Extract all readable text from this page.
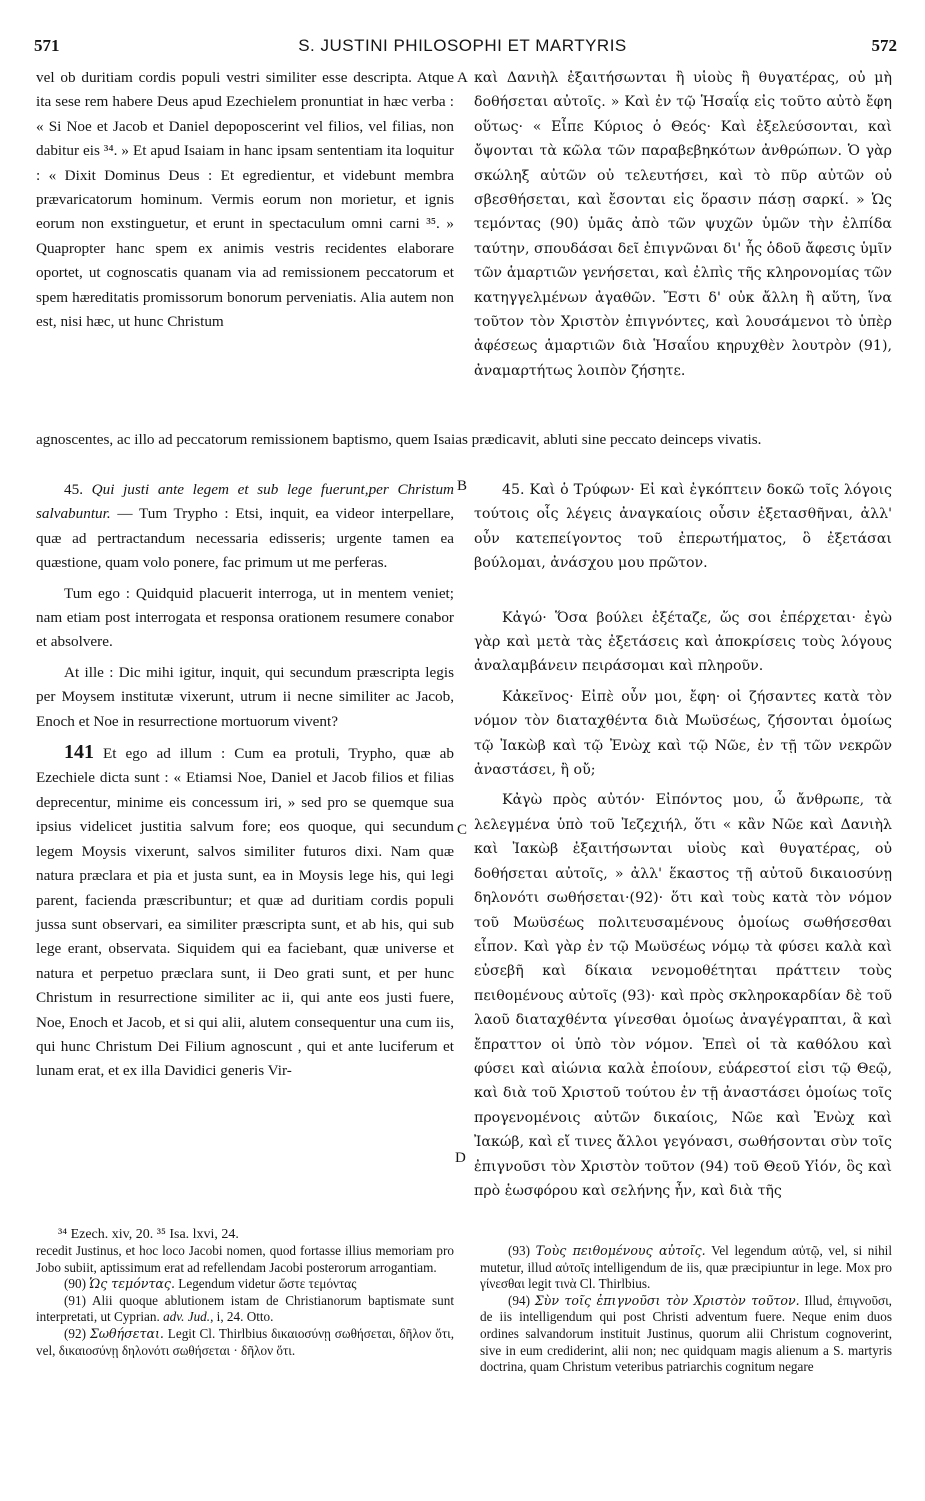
571	S. JUSTINI PHILOSOPHI ET MARTYRIS	572

vel ob duritiam cordis populi vestri similiter esse descripta. Atque ita sese rem habere Deus apud Ezechielem pronuntiat in hæc verba : « Si Noe et Jacob et Daniel depoposcerint vel filios, vel filias, non dabitur eis ³⁴. » Et apud Isaiam in hanc ipsam sententiam ita loquitur : « Dixit Dominus Deus : Et egredientur, et videbunt membra prævaricatorum hominum. Vermis eorum non morietur, et ignis eorum non exstinguetur, et erunt in spectaculum omni carni ³⁵. » Quapropter hanc spem ex animis vestris recidentes elaborare oportet, ut cognoscatis quanam via ad remissionem peccatorum et spem hæreditatis promissorum bonorum perveniatis. Alia autem non est, nisi hæc, ut hunc Christum

καὶ Δανιὴλ ἐξαιτήσωνται ἢ υἱοὺς ἢ θυγατέρας, οὐ μὴ δοθήσεται αὐτοῖς. » Καὶ ἐν τῷ Ἡσαΐᾳ εἰς τοῦτο αὐτὸ ἔφη οὕτως· « Εἶπε Κύριος ὁ Θεός· Καὶ ἐξελεύσονται, καὶ ὄψονται τὰ κῶλα τῶν παραβεβηκότων ἀνθρώπων. Ὁ γὰρ σκώληξ αὐτῶν οὐ τελευτήσει, καὶ τὸ πῦρ αὐτῶν οὐ σβεσθήσεται, καὶ ἔσονται εἰς ὅρασιν πάσῃ σαρκί. » Ὡς τεμόντας (90) ὑμᾶς ἀπὸ τῶν ψυχῶν ὑμῶν τὴν ἐλπίδα ταύτην, σπουδάσαι δεῖ ἐπιγνῶναι δι' ἧς ὁδοῦ ἄφεσις ὑμῖν τῶν ἁμαρτιῶν γενήσεται, καὶ ἐλπὶς τῆς κληρονομίας τῶν κατηγγελμένων ἀγαθῶν. Ἔστι δ' οὐκ ἄλλη ἢ αὕτη, ἵνα τοῦτον τὸν Χριστὸν ἐπιγνόντες, καὶ λουσάμενοι τὸ ὑπὲρ ἀφέσεως ἁμαρτιῶν διὰ Ἡσαΐου κηρυχθὲν λουτρὸν (91), ἀναμαρτήτως λοιπὸν ζήσητε.

agnoscentes, ac illo ad peccatorum remissionem baptismo, quem Isaias prædicavit, abluti sine peccato deinceps vivatis.

A
B
C
D

45. Qui justi ante legem et sub lege fuerunt,per Christum salvabuntur. — Tum Trypho : Etsi, inquit, ea videor interpellare, quæ ad pertractandum necessaria edisseris; urgente tamen ea quæstione, quam volo ponere, fac primum ut me perferas.

Tum ego : Quidquid placuerit interroga, ut in mentem veniet; nam etiam post interrogata et responsa orationem resumere conabor et absolvere.

At ille : Dic mihi igitur, inquit, qui secundum præscripta legis per Moysem institutæ vixerunt, utrum ii necne similiter ac Jacob, Enoch et Noe in resurrectione mortuorum vivent?

141 Et ego ad illum : Cum ea protuli, Trypho, quæ ab Ezechiele dicta sunt : « Etiamsi Noe, Daniel et Jacob filios et filias deprecentur, minime eis concessum iri, » sed pro se quemque sua ipsius videlicet justitia salvum fore; eos quoque, qui secundum legem Moysis vixerunt, salvos similiter futuros dixi. Nam quæ natura præclara et pia et justa sunt, ea in Moysis lege his, qui legi parent, facienda præscribuntur; et quæ ad duritiam cordis populi jussa sunt observari, ea similiter præscripta sunt, et ab his, qui sub lege erant, observata. Siquidem qui ea faciebant, quæ universe et natura et perpetuo præclara sunt, ii Deo grati sunt, et per hunc Christum in resurrectione similiter ac ii, qui ante eos justi fuere, Noe, Enoch et Jacob, et si qui alii, alutem consequentur una cum iis, qui hunc Christum Dei Filium agnoscunt , qui et ante luciferum et lunam erat, et ex illa Davidici generis Vir-

45. Καὶ ὁ Τρύφων· Εἰ καὶ ἐγκόπτειν δοκῶ τοῖς λόγοις τούτοις οἷς λέγεις ἀναγκαίοις οὖσιν ἐξετασθῆναι, ἀλλ' οὖν κατεπείγοντος τοῦ ἐπερωτήματος, ὃ ἐξετάσαι βούλομαι, ἀνάσχου μου πρῶτον.

Κἀγώ· Ὅσα βούλει ἐξέταζε, ὥς σοι ἐπέρχεται· ἐγὼ γὰρ καὶ μετὰ τὰς ἐξετάσεις καὶ ἀποκρίσεις τοὺς λόγους ἀναλαμβάνειν πειράσομαι καὶ πληροῦν.

Κἀκεῖνος· Εἰπὲ οὖν μοι, ἔφη· οἱ ζήσαντες κατὰ τὸν νόμον τὸν διαταχθέντα διὰ Μωϋσέως, ζήσονται ὁμοίως τῷ Ἰακὼβ καὶ τῷ Ἐνὼχ καὶ τῷ Νῶε, ἐν τῇ τῶν νεκρῶν ἀναστάσει, ἢ οὔ;

Κἀγὼ πρὸς αὐτόν· Εἰπόντος μου, ὦ ἄνθρωπε, τὰ λελεγμένα ὑπὸ τοῦ Ἰεζεχιήλ, ὅτι « κἂν Νῶε καὶ Δανιὴλ καὶ Ἰακὼβ ἐξαιτήσωνται υἱοὺς καὶ θυγατέρας, οὐ δοθήσεται αὐτοῖς, » ἀλλ' ἕκαστος τῇ αὐτοῦ δικαιοσύνῃ δηλονότι σωθήσεται·(92)· ὅτι καὶ τοὺς κατὰ τὸν νόμον τοῦ Μωϋσέως πολιτευσαμένους ὁμοίως σωθήσεσθαι εἶπον. Καὶ γὰρ ἐν τῷ Μωϋσέως νόμῳ τὰ φύσει καλὰ καὶ εὐσεβῆ καὶ δίκαια νενομοθέτηται πράττειν τοὺς πειθομένους αὐτοῖς (93)· καὶ πρὸς σκληροκαρδίαν δὲ τοῦ λαοῦ διαταχθέντα γίνεσθαι ὁμοίως ἀναγέγραπται, ἃ καὶ ἔπραττον οἱ ὑπὸ τὸν νόμον. Ἐπεὶ οἱ τὰ καθόλου καὶ φύσει καὶ αἰώνια καλὰ ἐποίουν, εὐάρεστοί εἰσι τῷ Θεῷ, καὶ διὰ τοῦ Χριστοῦ τούτου ἐν τῇ ἀναστάσει ὁμοίως τοῖς προγενομένοις αὐτῶν δικαίοις, Νῶε καὶ Ἐνὼχ καὶ Ἰακώβ, καὶ εἴ τινες ἄλλοι γεγόνασι, σωθήσονται σὺν τοῖς ἐπιγνοῦσι τὸν Χριστὸν τοῦτον (94) τοῦ Θεοῦ Υἱόν, ὃς καὶ πρὸ ἑωσφόρου καὶ σελήνης ἦν, καὶ διὰ τῆς

³⁴ Ezech. xiv, 20. ³⁵ Isa. lxvi, 24.

recedit Justinus, et hoc loco Jacobi nomen, quod fortasse illius memoriam pro Jobo subiit, aptissimum erat ad refellendam Jacobi posterorum arrogantiam.

(90) Ὡς τεμόντας. Legendum videtur ὥστε τεμόντας

(91) Alii quoque ablutionem istam de Christianorum baptismate sunt interpretati, ut Cyprian. adv. Jud., i, 24. Otto.

(92) Σωθήσεται. Legit Cl. Thirlbius δικαιοσύνῃ σωθήσεται, δῆλον ὅτι, vel, δικαιοσύνῃ δηλονότι σωθήσεται · δῆλον ὅτι.

(93) Τοὺς πειθομένους αὐτοῖς. Vel legendum αὐτῷ, vel, si nihil mutetur, illud αὐτοῖς intelligendum de iis, quæ præcipiuntur in lege. Mox pro γίνεσθαι legit τινὰ Cl. Thirlbius.

(94) Σὺν τοῖς ἐπιγνοῦσι τὸν Χριστὸν τοῦτον. Illud, ἐπιγνοῦσι, de iis intelligendum qui post Christi adventum fuere. Neque enim duos ordines salvandorum instituit Justinus, quorum alii Christum cognoverint, sive in eum crediderint, alii non; nec quidquam magis alienum a S. martyris doctrina, quam Christum veteribus patriarchis cognitum negare
